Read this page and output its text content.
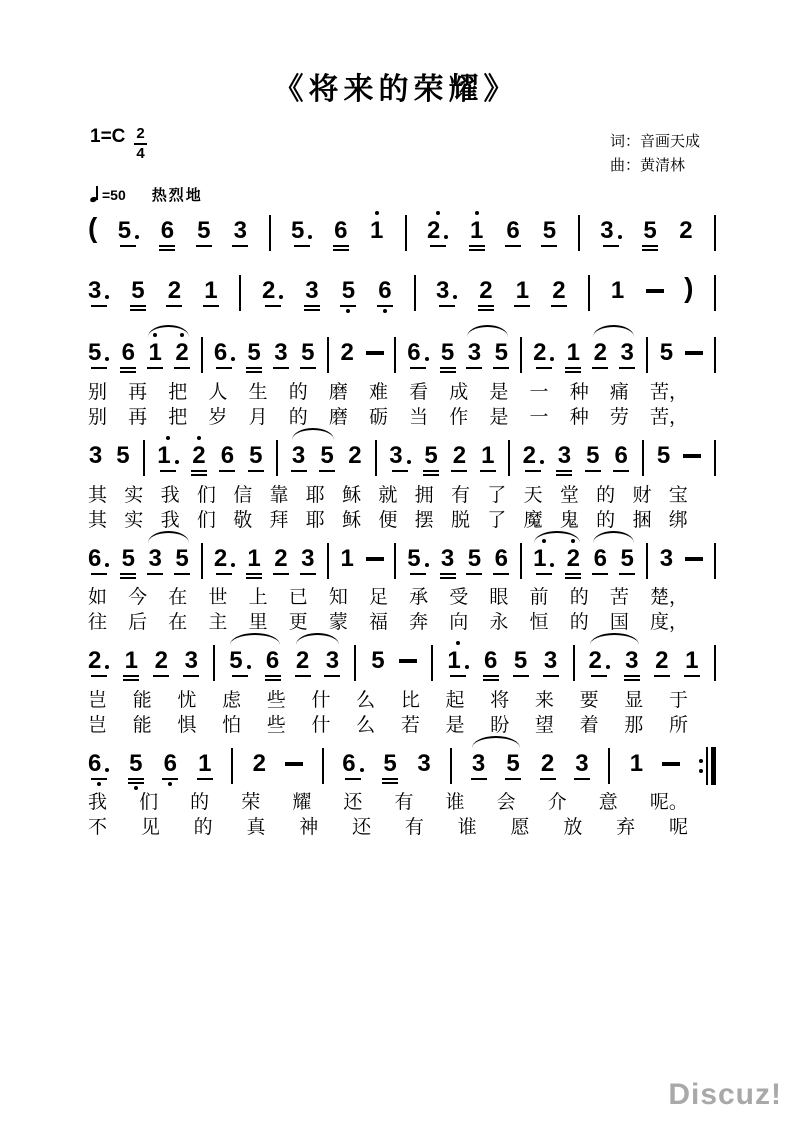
《将来的荣耀》
$1=C \frac{2}{4}$	词：音画天成
曲：黄清林
=50 热烈地
( 5 6 5 3 5 6 1 2 1 6 5 3 5 2
3 5 2 1 2 3 5 6 3 2 1 2 1 )
5 6 1 2 6 5 3 5 2 6 5 3 5 2 1 2 3 5
别 再 把 人 生 的 磨 难 看 成 是 一 种 痛 苦，
别 再 把 岁 月 的 磨 砺 当 作 是 一 种 劳 苦，
3 5 1 2 6 5 3 5 2 3 5 2 1 2 3 5 6 5
其 实 我 们 信 靠 耶 稣 就 拥 有 了 天 堂 的 财 宝
其 实 我 们 敬 拜 耶 稣 便 摆 脱 了 魔 鬼 的 捆 绑
6 5 3 5 2 1 2 3 1 5 3 5 6 1 2 6 5 3
如 今 在 世 上 已 知 足 承 受 眼 前 的 苦 楚，
往 后 在 主 里 更 蒙 福 奔 向 永 恒 的 国 度，
2 1 2 3 5 6 2 3 5	1 6 5 3 2 3 2 1
岂 能 忧 虑 些 什 么 比 起 将 来 要 显 于
岂 能 惧 怕 些 什 么 若 是 盼 望 着 那 所
6 5 6 1 2	6 5 3 3 5 2 3 1
我 们 的 荣 耀 还 有 谁 会 介 意 呢。
不 见 的 真 神 还 有 谁 愿 放 弃 呢
Discuz!
